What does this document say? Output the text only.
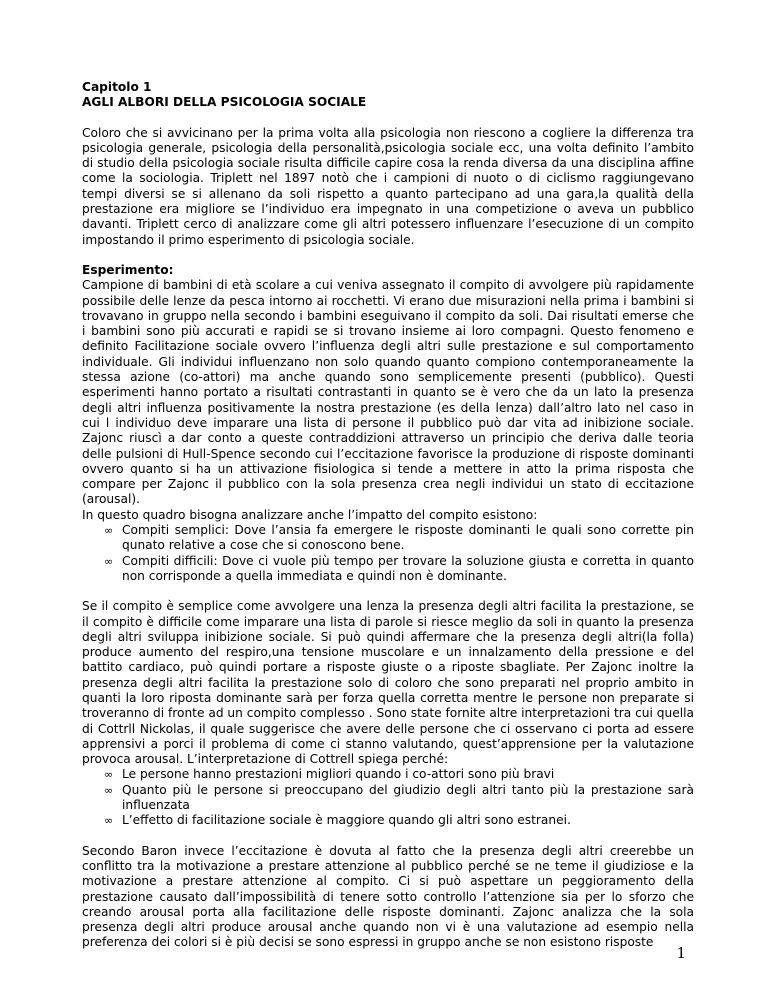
Capitolo 1

AGLI ALBORI DELLA PSICOLOGIA SOCIALE

Coloro che si avvicinano per la prima volta alla psicologia non riescono a cogliere la differenza tra psicologia generale, psicologia della personalità,psicologia sociale ecc, una volta definito l’ambito di studio della psicologia sociale risulta difficile capire cosa la renda diversa da una disciplina affine come la sociologia. Triplett nel 1897 notò che i campioni di nuoto o di ciclismo raggiungevano tempi diversi se si allenano da soli rispetto a quanto partecipano ad una gara,la qualità della prestazione era migliore se l’individuo era impegnato in una competizione o aveva un pubblico davanti. Triplett cerco di analizzare come gli altri potessero influenzare l’esecuzione di un compito impostando il primo esperimento di psicologia sociale.

Esperimento:

Campione di bambini di età scolare a cui veniva assegnato il compito di avvolgere più rapidamente possibile delle lenze da pesca intorno ai rocchetti. Vi erano due misurazioni nella prima i bambini si trovavano in gruppo nella secondo i bambini eseguivano il compito da soli. Dai risultati emerse che i bambini sono più accurati e rapidi se si trovano insieme ai loro compagni. Questo fenomeno e definito Facilitazione sociale ovvero l’influenza degli altri sulle prestazione e sul comportamento individuale. Gli individui influenzano non solo quando quanto compiono contemporaneamente la stessa azione (co-attori) ma anche quando sono semplicemente presenti (pubblico). Questi esperimenti hanno portato a risultati contrastanti in quanto se è vero che da un lato la presenza degli altri influenza positivamente la nostra prestazione (es della lenza) dall’altro lato nel caso in cui l individuo deve imparare una lista di persone il pubblico può dar vita ad inibizione sociale. Zajonc riuscì a dar conto a queste contraddizioni attraverso un principio che deriva dalle teoria delle pulsioni di Hull-Spence secondo cui l’eccitazione favorisce la produzione di risposte dominanti ovvero quanto si ha un attivazione fisiologica si tende a mettere in atto la prima risposta che compare per Zajonc il pubblico con la sola presenza crea negli individui un stato di eccitazione (arousal).

In questo quadro bisogna analizzare anche l’impatto del compito esistono:

∞ Compiti semplici: Dove l’ansia fa emergere le risposte dominanti le quali sono corrette pin qunato relative a cose che si conoscono bene.
∞ Compiti difficili: Dove ci vuole più tempo per trovare la soluzione giusta e corretta in quanto non corrisponde a quella immediata e quindi non è dominante.

Se il compito è semplice come avvolgere una lenza la presenza degli altri facilita la prestazione, se il compito è difficile come imparare una lista di parole si riesce meglio da soli in quanto la presenza degli altri sviluppa inibizione sociale. Si può quindi affermare che la presenza degli altri(la folla) produce aumento del respiro,una tensione muscolare e un innalzamento della pressione e del battito cardiaco, può quindi portare a risposte giuste o a riposte sbagliate. Per Zajonc inoltre la presenza degli altri facilita la prestazione solo di coloro che sono preparati nel proprio ambito in quanti la loro riposta dominante sarà per forza quella corretta mentre le persone non preparate si troveranno di fronte ad un compito complesso . Sono state fornite altre interpretazioni tra cui quella di Cottrll Nickolas, il quale suggerisce che avere delle persone che ci osservano ci porta ad essere apprensivi a porci il problema di come ci stanno valutando, quest’apprensione per la valutazione provoca arousal. L’interpretazione di Cottrell spiega perché:

∞ Le persone hanno prestazioni migliori quando i co-attori sono più bravi
∞ Quanto più le persone si preoccupano del giudizio degli altri tanto più la prestazione sarà influenzata
∞ L’effetto di facilitazione sociale è maggiore quando gli altri sono estranei.

Secondo Baron invece l’eccitazione è dovuta al fatto che la presenza degli altri creerebbe un conflitto tra la motivazione a prestare attenzione al pubblico perché se ne teme il giudiziose e la motivazione a prestare attenzione al compito. Ci si può aspettare un peggioramento della prestazione causato dall’impossibilità di tenere sotto controllo l’attenzione sia per lo sforzo che creando arousal porta alla facilitazione delle risposte dominanti. Zajonc analizza che la sola presenza degli altri produce arousal anche quando non vi è una valutazione ad esempio nella preferenza dei colori si è più decisi se sono espressi in gruppo anche se non esistono risposte

1
